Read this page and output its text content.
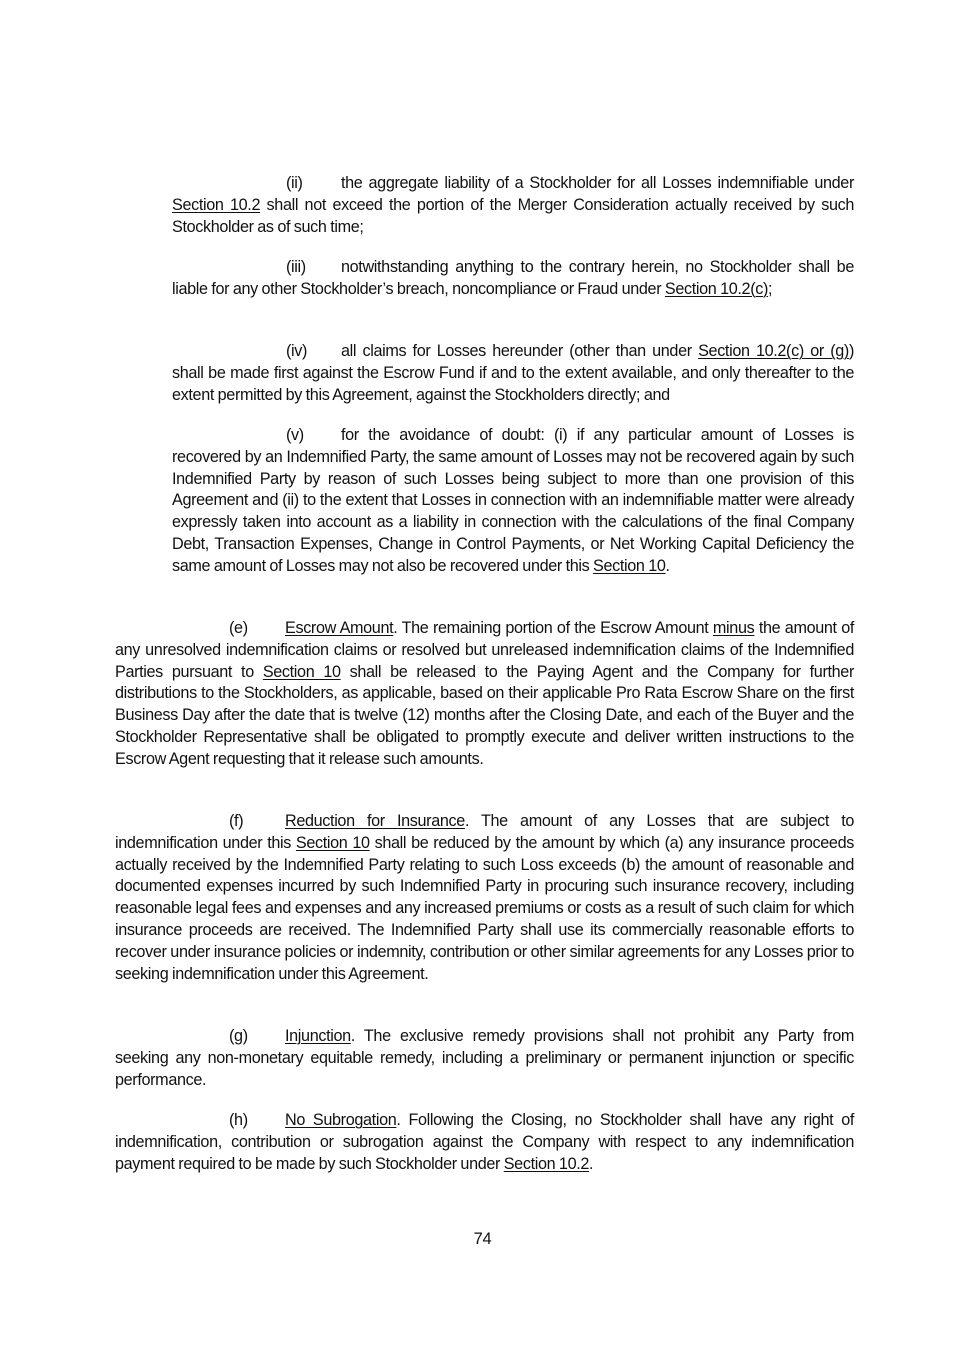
(ii) the aggregate liability of a Stockholder for all Losses indemnifiable under Section 10.2 shall not exceed the portion of the Merger Consideration actually received by such Stockholder as of such time;

(iii) notwithstanding anything to the contrary herein, no Stockholder shall be liable for any other Stockholder’s breach, noncompliance or Fraud under Section 10.2(c);

(iv) all claims for Losses hereunder (other than under Section 10.2(c) or (g)) shall be made first against the Escrow Fund if and to the extent available, and only thereafter to the extent permitted by this Agreement, against the Stockholders directly; and

(v) for the avoidance of doubt: (i) if any particular amount of Losses is recovered by an Indemnified Party, the same amount of Losses may not be recovered again by such Indemnified Party by reason of such Losses being subject to more than one provision of this Agreement and (ii) to the extent that Losses in connection with an indemnifiable matter were already expressly taken into account as a liability in connection with the calculations of the final Company Debt, Transaction Expenses, Change in Control Payments, or Net Working Capital Deficiency the same amount of Losses may not also be recovered under this Section 10.

(e) Escrow Amount. The remaining portion of the Escrow Amount minus the amount of any unresolved indemnification claims or resolved but unreleased indemnification claims of the Indemnified Parties pursuant to Section 10 shall be released to the Paying Agent and the Company for further distributions to the Stockholders, as applicable, based on their applicable Pro Rata Escrow Share on the first Business Day after the date that is twelve (12) months after the Closing Date, and each of the Buyer and the Stockholder Representative shall be obligated to promptly execute and deliver written instructions to the Escrow Agent requesting that it release such amounts.

(f)	Reduction for Insurance. The amount of any Losses that are subject to indemnification under this Section 10 shall be reduced by the amount by which (a) any insurance proceeds actually received by the Indemnified Party relating to such Loss exceeds (b) the amount of reasonable and documented expenses incurred by such Indemnified Party in procuring such insurance recovery, including reasonable legal fees and expenses and any increased premiums or costs as a result of such claim for which insurance proceeds are received. The Indemnified Party shall use its commercially reasonable efforts to recover under insurance policies or indemnity, contribution or other similar agreements for any Losses prior to seeking indemnification under this Agreement.

(g) Injunction. The exclusive remedy provisions shall not prohibit any Party from seeking any non-monetary equitable remedy, including a preliminary or permanent injunction or specific performance.

(h) No Subrogation. Following the Closing, no Stockholder shall have any right of indemnification, contribution or subrogation against the Company with respect to any indemnification payment required to be made by such Stockholder under Section 10.2.

74
